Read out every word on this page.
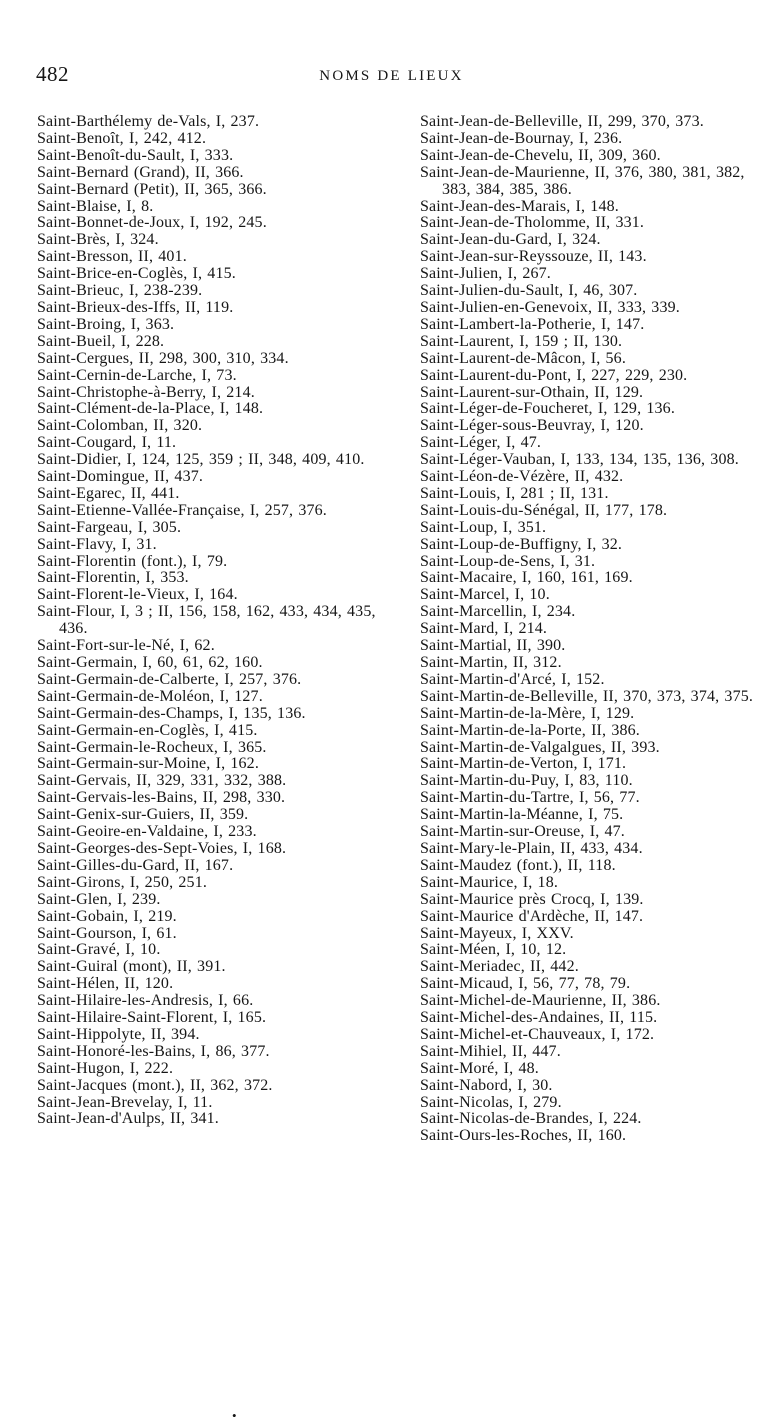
482	NOMS DE LIEUX
Saint-Barthélemy de-Vals, I, 237.
Saint-Benoît, I, 242, 412.
Saint-Benoît-du-Sault, I, 333.
Saint-Bernard (Grand), II, 366.
Saint-Bernard (Petit), II, 365, 366.
Saint-Blaise, I, 8.
Saint-Bonnet-de-Joux, I, 192, 245.
Saint-Brès, I, 324.
Saint-Bresson, II, 401.
Saint-Brice-en-Coglès, I, 415.
Saint-Brieuc, I, 238-239.
Saint-Brieux-des-Iffs, II, 119.
Saint-Broing, I, 363.
Saint-Bueil, I, 228.
Saint-Cergues, II, 298, 300, 310, 334.
Saint-Cernin-de-Larche, I, 73.
Saint-Christophe-à-Berry, I, 214.
Saint-Clément-de-la-Place, I, 148.
Saint-Colomban, II, 320.
Saint-Cougard, I, 11.
Saint-Didier, I, 124, 125, 359 ; II, 348, 409, 410.
Saint-Domingue, II, 437.
Saint-Egarec, II, 441.
Saint-Etienne-Vallée-Française, I, 257, 376.
Saint-Fargeau, I, 305.
Saint-Flavy, I, 31.
Saint-Florentin (font.), I, 79.
Saint-Florentin, I, 353.
Saint-Florent-le-Vieux, I, 164.
Saint-Flour, I, 3 ; II, 156, 158, 162, 433, 434, 435, 436.
Saint-Fort-sur-le-Né, I, 62.
Saint-Germain, I, 60, 61, 62, 160.
Saint-Germain-de-Calberte, I, 257, 376.
Saint-Germain-de-Moléon, I, 127.
Saint-Germain-des-Champs, I, 135, 136.
Saint-Germain-en-Coglès, I, 415.
Saint-Germain-le-Rocheux, I, 365.
Saint-Germain-sur-Moine, I, 162.
Saint-Gervais, II, 329, 331, 332, 388.
Saint-Gervais-les-Bains, II, 298, 330.
Saint-Genix-sur-Guiers, II, 359.
Saint-Geoire-en-Valdaine, I, 233.
Saint-Georges-des-Sept-Voies, I, 168.
Saint-Gilles-du-Gard, II, 167.
Saint-Girons, I, 250, 251.
Saint-Glen, I, 239.
Saint-Gobain, I, 219.
Saint-Gourson, I, 61.
Saint-Gravé, I, 10.
Saint-Guiral (mont), II, 391.
Saint-Hélen, II, 120.
Saint-Hilaire-les-Andresis, I, 66.
Saint-Hilaire-Saint-Florent, I, 165.
Saint-Hippolyte, II, 394.
Saint-Honoré-les-Bains, I, 86, 377.
Saint-Hugon, I, 222.
Saint-Jacques (mont.), II, 362, 372.
Saint-Jean-Brevelay, I, 11.
Saint-Jean-d'Aulps, II, 341.
Saint-Jean-de-Belleville, II, 299, 370, 373.
Saint-Jean-de-Bournay, I, 236.
Saint-Jean-de-Chevelu, II, 309, 360.
Saint-Jean-de-Maurienne, II, 376, 380, 381, 382, 383, 384, 385, 386.
Saint-Jean-des-Marais, I, 148.
Saint-Jean-de-Tholomme, II, 331.
Saint-Jean-du-Gard, I, 324.
Saint-Jean-sur-Reyssouze, II, 143.
Saint-Julien, I, 267.
Saint-Julien-du-Sault, I, 46, 307.
Saint-Julien-en-Genevoix, II, 333, 339.
Saint-Lambert-la-Potherie, I, 147.
Saint-Laurent, I, 159 ; II, 130.
Saint-Laurent-de-Mâcon, I, 56.
Saint-Laurent-du-Pont, I, 227, 229, 230.
Saint-Laurent-sur-Othain, II, 129.
Saint-Léger-de-Foucheret, I, 129, 136.
Saint-Léger-sous-Beuvray, I, 120.
Saint-Léger, I, 47.
Saint-Léger-Vauban, I, 133, 134, 135, 136, 308.
Saint-Léon-de-Vézère, II, 432.
Saint-Louis, I, 281 ; II, 131.
Saint-Louis-du-Sénégal, II, 177, 178.
Saint-Loup, I, 351.
Saint-Loup-de-Buffigny, I, 32.
Saint-Loup-de-Sens, I, 31.
Saint-Macaire, I, 160, 161, 169.
Saint-Marcel, I, 10.
Saint-Marcellin, I, 234.
Saint-Mard, I, 214.
Saint-Martial, II, 390.
Saint-Martin, II, 312.
Saint-Martin-d'Arcé, I, 152.
Saint-Martin-de-Belleville, II, 370, 373, 374, 375.
Saint-Martin-de-la-Mère, I, 129.
Saint-Martin-de-la-Porte, II, 386.
Saint-Martin-de-Valgalgues, II, 393.
Saint-Martin-de-Verton, I, 171.
Saint-Martin-du-Puy, I, 83, 110.
Saint-Martin-du-Tartre, I, 56, 77.
Saint-Martin-la-Méanne, I, 75.
Saint-Martin-sur-Oreuse, I, 47.
Saint-Mary-le-Plain, II, 433, 434.
Saint-Maudez (font.), II, 118.
Saint-Maurice, I, 18.
Saint-Maurice près Crocq, I, 139.
Saint-Maurice d'Ardèche, II, 147.
Saint-Mayeux, I, XXV.
Saint-Méen, I, 10, 12.
Saint-Meriadec, II, 442.
Saint-Micaud, I, 56, 77, 78, 79.
Saint-Michel-de-Maurienne, II, 386.
Saint-Michel-des-Andaines, II, 115.
Saint-Michel-et-Chauveaux, I, 172.
Saint-Mihiel, II, 447.
Saint-Moré, I, 48.
Saint-Nabord, I, 30.
Saint-Nicolas, I, 279.
Saint-Nicolas-de-Brandes, I, 224.
Saint-Ours-les-Roches, II, 160.
•
